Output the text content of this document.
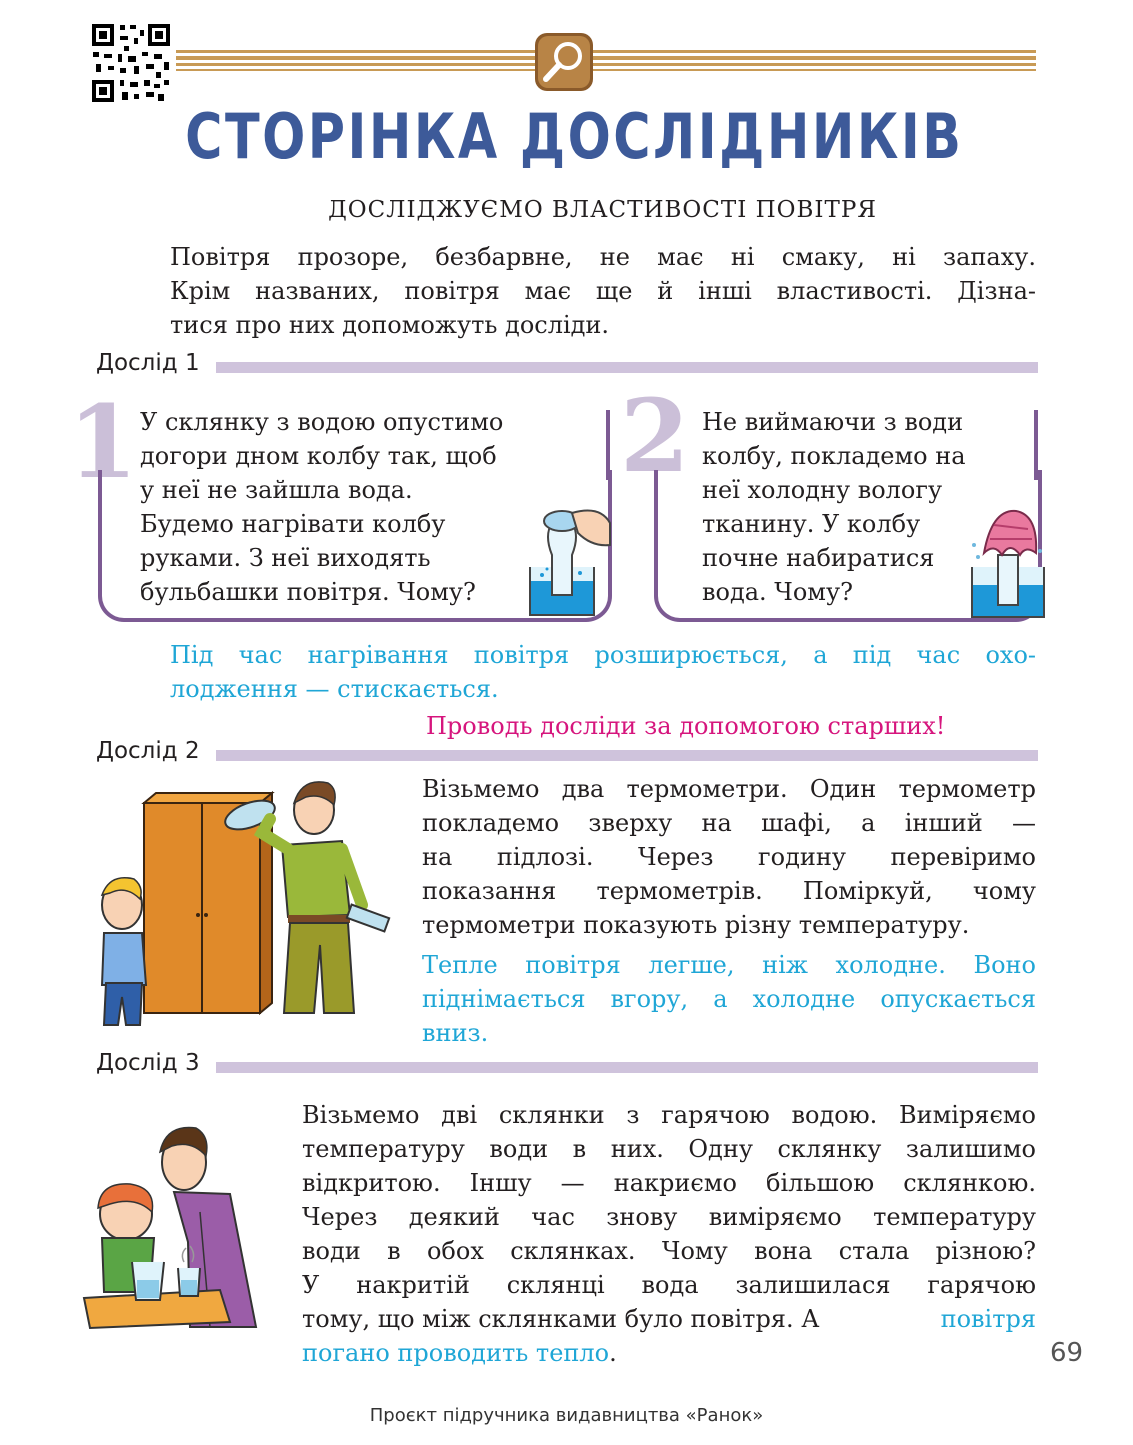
СТОРІНКА ДОСЛІДНИКІВ
ДОСЛІДЖУЄМО ВЛАСТИВОСТІ ПОВІТРЯ
Повітря прозоре, безбарвне, не має ні смаку, ні запаху.
Крім названих, повітря має ще й інші властивості. Дізна-
тися про них допоможуть досліди.
Дослід 1
1 У склянку з водою опустимо
догори дном колбу так, щоб
у неї не зайшла вода.
Будемо нагрівати колбу
руками. З неї виходять
бульбашки повітря. Чому?
2 Не виймаючи з води
колбу, покладемо на
неї холодну вологу
тканину. У колбу
почне набиратися
вода. Чому?
Під час нагрівання повітря розширюється, а під час охо-
лодження — стискається.
Проводь досліди за допомогою старших!
Дослід 2
Візьмемо два термометри. Один термометр
покладемо зверху на шафі, а інший —
на підлозі. Через годину перевіримо
показання термометрів. Поміркуй, чому
термометри показують різну температуру.
Тепле повітря легше, ніж холодне. Воно
піднімається вгору, а холодне опускається
вниз.
Дослід 3
Візьмемо дві склянки з гарячою водою. Виміряємо
температуру води в них. Одну склянку залишимо
відкритою. Іншу — накриємо більшою склянкою.
Через деякий час знову виміряємо температуру
води в обох склянках. Чому вона стала різною?
У накритій склянці вода залишилася гарячою
тому, що між склянками було повітря. А	повітря
погано проводить тепло.	69
Проєкт підручника видавництва «Ранок»
